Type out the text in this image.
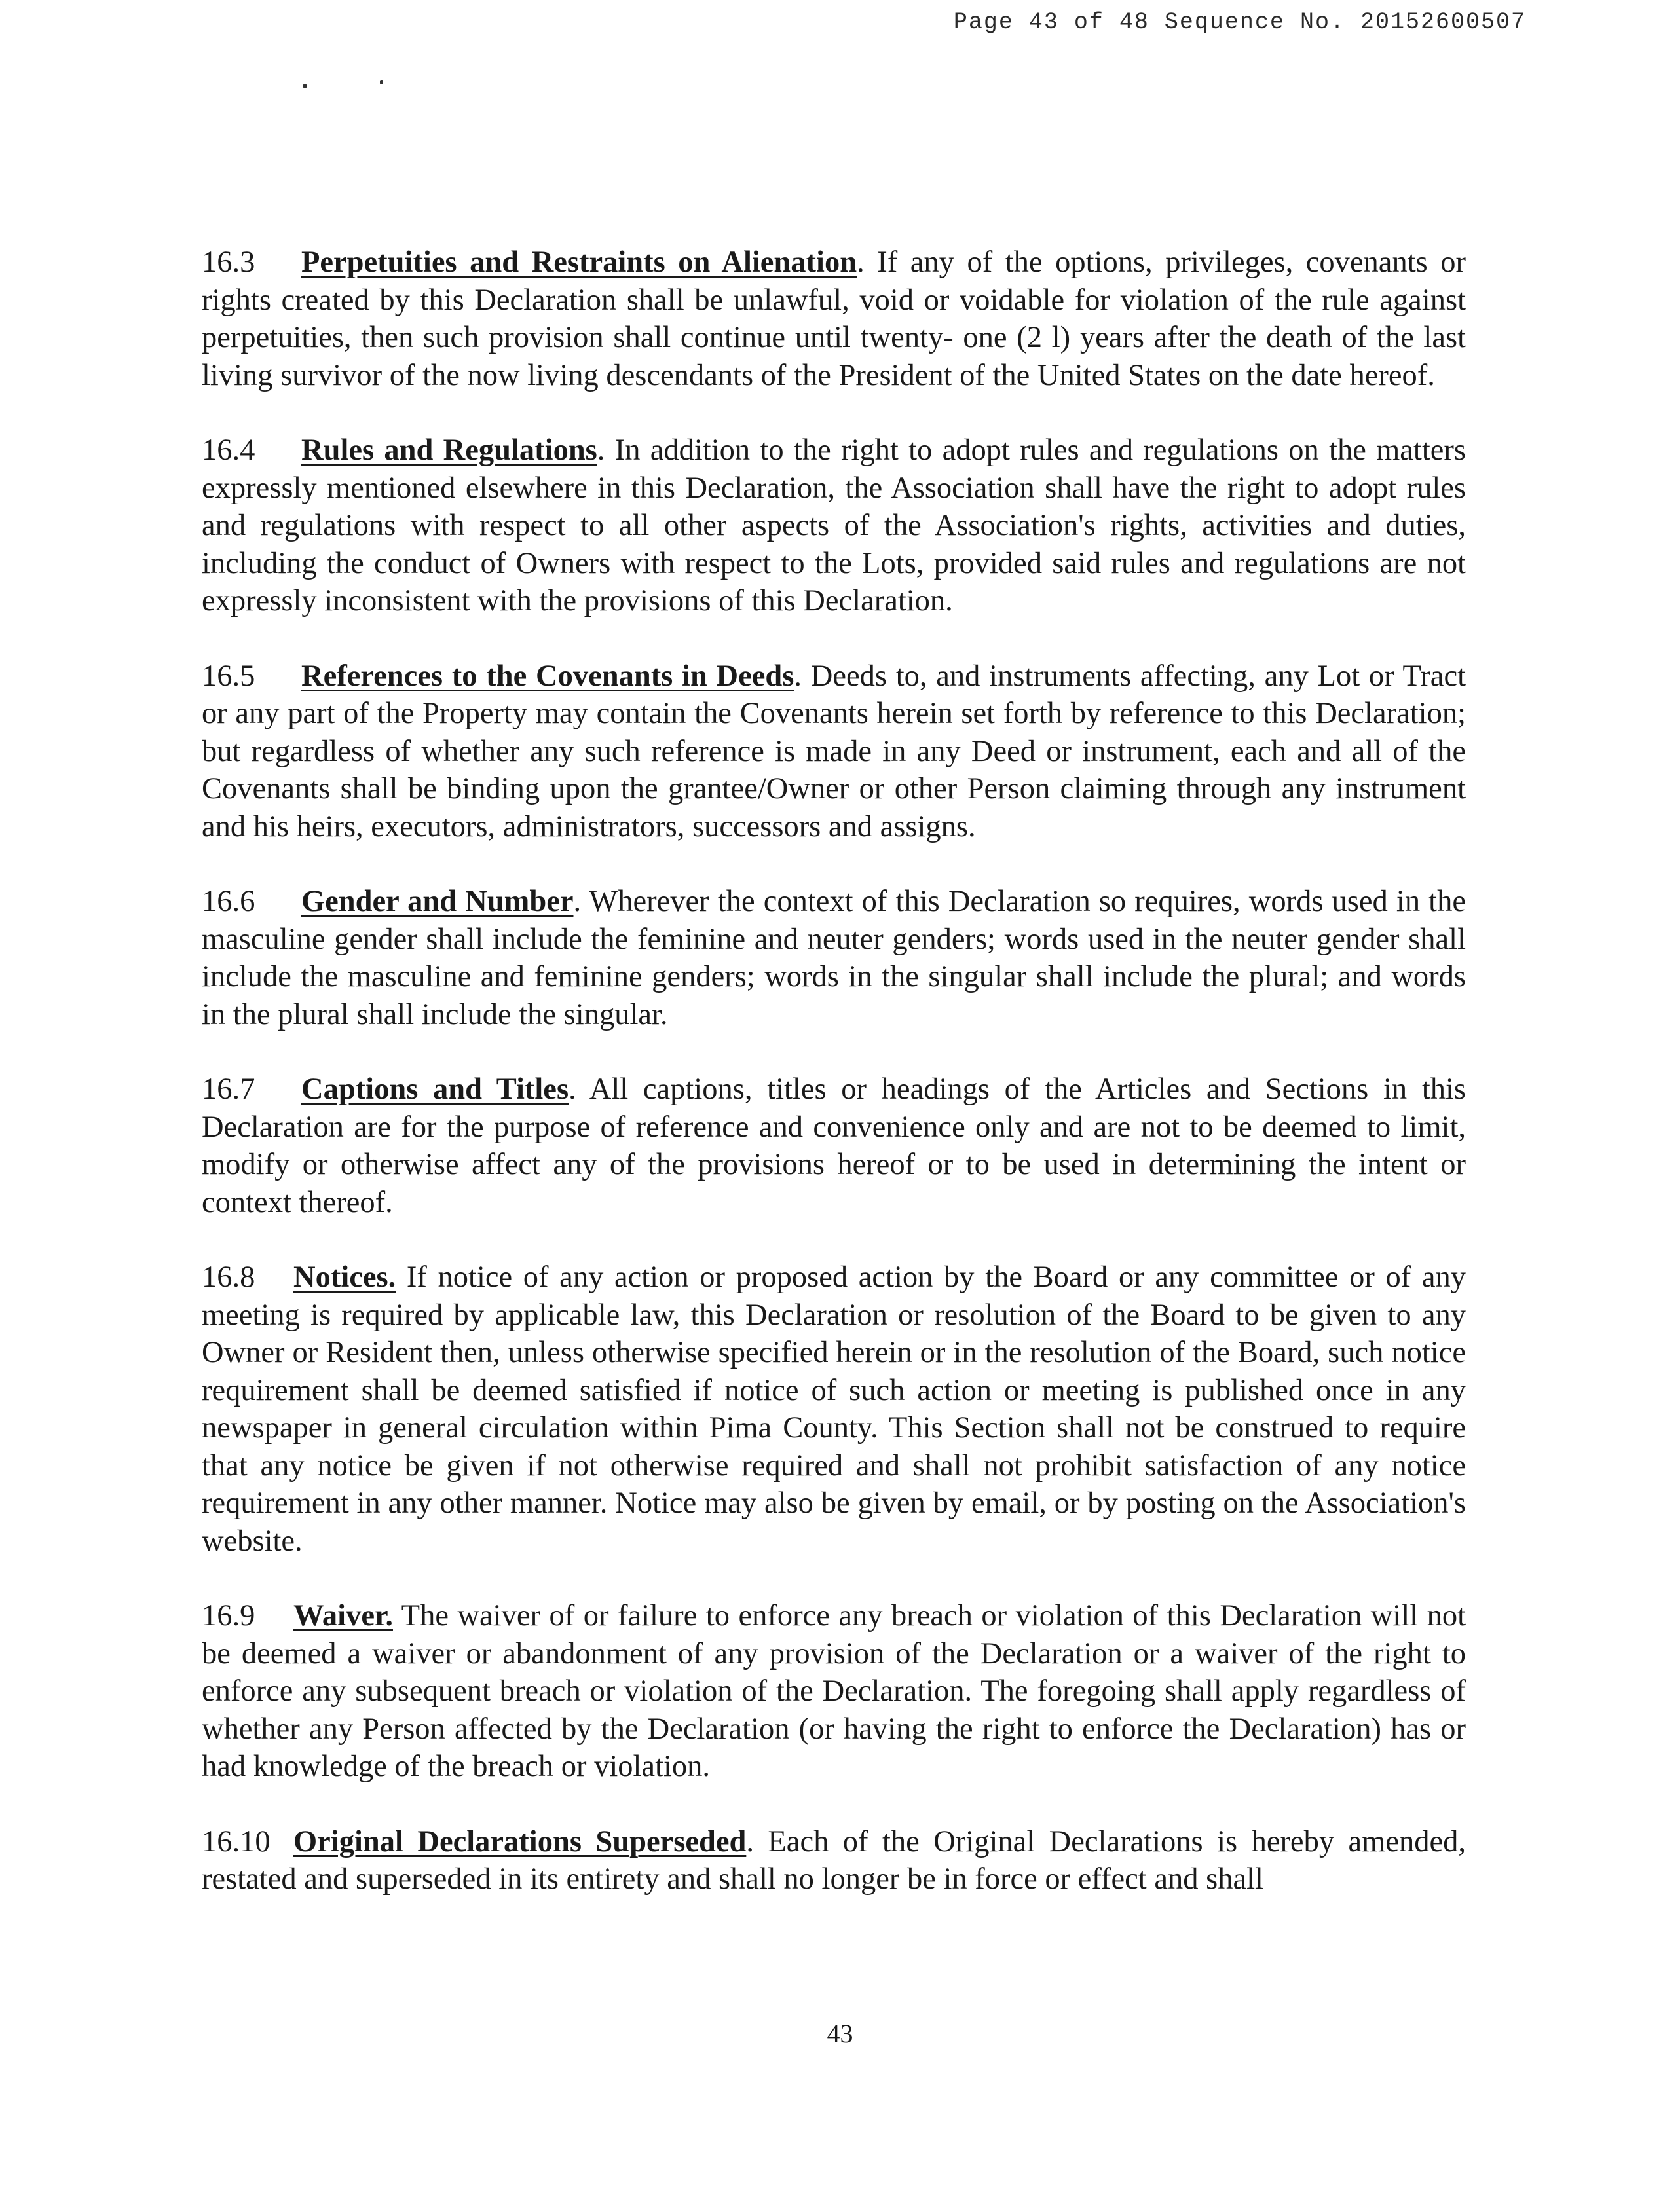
Page 43 of 48 Sequence No. 20152600507

16.3 Perpetuities and Restraints on Alienation. If any of the options, privileges, covenants or rights created by this Declaration shall be unlawful, void or voidable for violation of the rule against perpetuities, then such provision shall continue until twenty- one (2 l) years after the death of the last living survivor of the now living descendants of the President of the United States on the date hereof.

16.4 Rules and Regulations. In addition to the right to adopt rules and regulations on the matters expressly mentioned elsewhere in this Declaration, the Association shall have the right to adopt rules and regulations with respect to all other aspects of the Association's rights, activities and duties, including the conduct of Owners with respect to the Lots, provided said rules and regulations are not expressly inconsistent with the provisions of this Declaration.

16.5 References to the Covenants in Deeds. Deeds to, and instruments affecting, any Lot or Tract or any part of the Property may contain the Covenants herein set forth by reference to this Declaration; but regardless of whether any such reference is made in any Deed or instrument, each and all of the Covenants shall be binding upon the grantee/Owner or other Person claiming through any instrument and his heirs, executors, administrators, successors and assigns.

16.6 Gender and Number. Wherever the context of this Declaration so requires, words used in the masculine gender shall include the feminine and neuter genders; words used in the neuter gender shall include the masculine and feminine genders; words in the singular shall include the plural; and words in the plural shall include the singular.

16.7 Captions and Titles. All captions, titles or headings of the Articles and Sections in this Declaration are for the purpose of reference and convenience only and are not to be deemed to limit, modify or otherwise affect any of the provisions hereof or to be used in determining the intent or context thereof.

16.8 Notices. If notice of any action or proposed action by the Board or any committee or of any meeting is required by applicable law, this Declaration or resolution of the Board to be given to any Owner or Resident then, unless otherwise specified herein or in the resolution of the Board, such notice requirement shall be deemed satisfied if notice of such action or meeting is published once in any newspaper in general circulation within Pima County. This Section shall not be construed to require that any notice be given if not otherwise required and shall not prohibit satisfaction of any notice requirement in any other manner. Notice may also be given by email, or by posting on the Association's website.

16.9 Waiver. The waiver of or failure to enforce any breach or violation of this Declaration will not be deemed a waiver or abandonment of any provision of the Declaration or a waiver of the right to enforce any subsequent breach or violation of the Declaration. The foregoing shall apply regardless of whether any Person affected by the Declaration (or having the right to enforce the Declaration) has or had knowledge of the breach or violation.

16.10 Original Declarations Superseded. Each of the Original Declarations is hereby amended, restated and superseded in its entirety and shall no longer be in force or effect and shall

43
